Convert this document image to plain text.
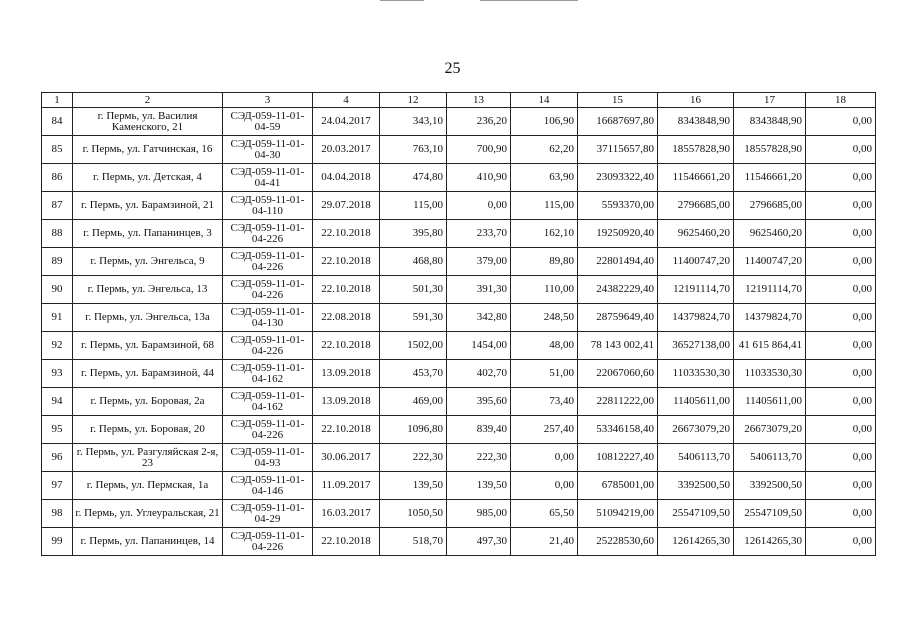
25
1	2	3	4	12	13	14	15	16	17	18
84	г. Пермь, ул. Василия Каменского, 21	СЭД-059-11-01-04-59	24.04.2017	343,10	236,20	106,90	16687697,80	8343848,90	8343848,90	0,00
85	г. Пермь, ул. Гатчинская, 16	СЭД-059-11-01-04-30	20.03.2017	763,10	700,90	62,20	37115657,80	18557828,90	18557828,90	0,00
86	г. Пермь, ул. Детская, 4	СЭД-059-11-01-04-41	04.04.2018	474,80	410,90	63,90	23093322,40	11546661,20	11546661,20	0,00
87	г. Пермь, ул. Барамзиной, 21	СЭД-059-11-01-04-110	29.07.2018	115,00	0,00	115,00	5593370,00	2796685,00	2796685,00	0,00
88	г. Пермь, ул. Папанинцев, 3	СЭД-059-11-01-04-226	22.10.2018	395,80	233,70	162,10	19250920,40	9625460,20	9625460,20	0,00
89	г. Пермь, ул. Энгельса, 9	СЭД-059-11-01-04-226	22.10.2018	468,80	379,00	89,80	22801494,40	11400747,20	11400747,20	0,00
90	г. Пермь, ул. Энгельса, 13	СЭД-059-11-01-04-226	22.10.2018	501,30	391,30	110,00	24382229,40	12191114,70	12191114,70	0,00
91	г. Пермь, ул. Энгельса, 13а	СЭД-059-11-01-04-130	22.08.2018	591,30	342,80	248,50	28759649,40	14379824,70	14379824,70	0,00
92	г. Пермь, ул. Барамзиной, 68	СЭД-059-11-01-04-226	22.10.2018	1502,00	1454,00	48,00	78 143 002,41	36527138,00	41 615 864,41	0,00
93	г. Пермь, ул. Барамзиной, 44	СЭД-059-11-01-04-162	13.09.2018	453,70	402,70	51,00	22067060,60	11033530,30	11033530,30	0,00
94	г. Пермь, ул. Боровая, 2а	СЭД-059-11-01-04-162	13.09.2018	469,00	395,60	73,40	22811222,00	11405611,00	11405611,00	0,00
95	г. Пермь, ул. Боровая, 20	СЭД-059-11-01-04-226	22.10.2018	1096,80	839,40	257,40	53346158,40	26673079,20	26673079,20	0,00
96	г. Пермь, ул. Разгуляйская 2-я, 23	СЭД-059-11-01-04-93	30.06.2017	222,30	222,30	0,00	10812227,40	5406113,70	5406113,70	0,00
97	г. Пермь, ул. Пермская, 1а	СЭД-059-11-01-04-146	11.09.2017	139,50	139,50	0,00	6785001,00	3392500,50	3392500,50	0,00
98	г. Пермь, ул. Углеуральская, 21	СЭД-059-11-01-04-29	16.03.2017	1050,50	985,00	65,50	51094219,00	25547109,50	25547109,50	0,00
99	г. Пермь, ул. Папанинцев, 14	СЭД-059-11-01-04-226	22.10.2018	518,70	497,30	21,40	25228530,60	12614265,30	12614265,30	0,00
